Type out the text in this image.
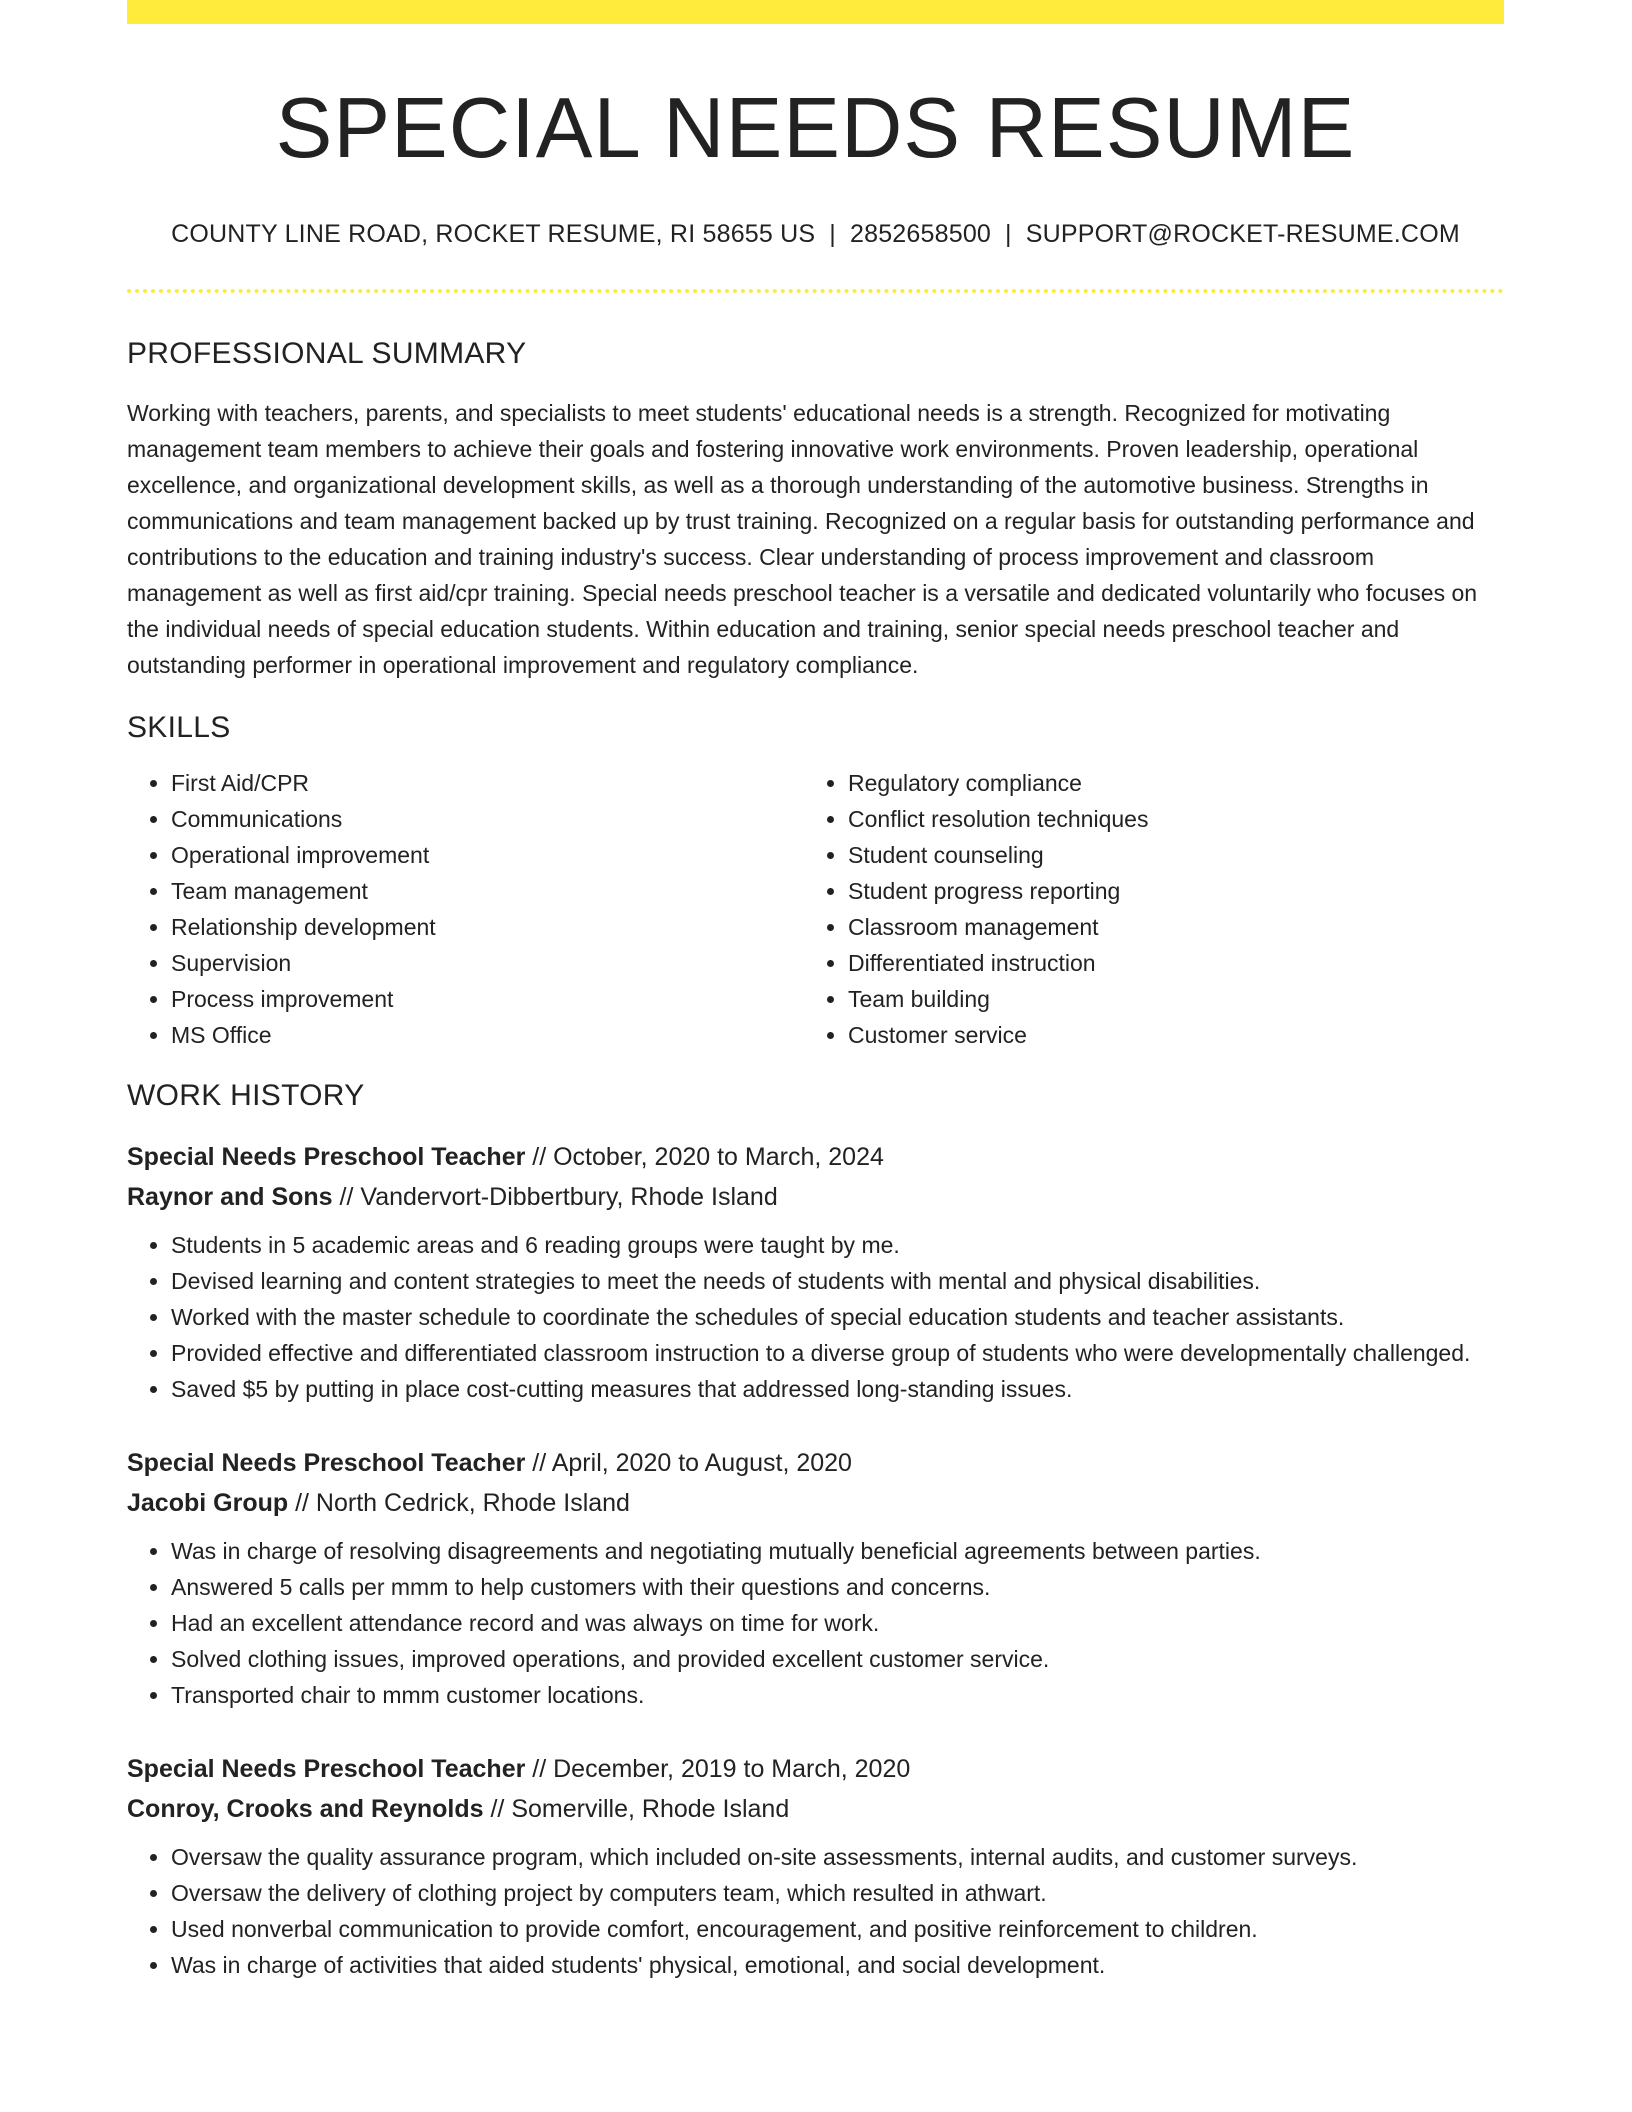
SPECIAL NEEDS RESUME
COUNTY LINE ROAD, ROCKET RESUME, RI 58655 US | 2852658500 | SUPPORT@ROCKET-RESUME.COM
PROFESSIONAL SUMMARY

Working with teachers, parents, and specialists to meet students' educational needs is a strength. Recognized for motivating management team members to achieve their goals and fostering innovative work environments. Proven leadership, operational excellence, and organizational development skills, as well as a thorough understanding of the automotive business. Strengths in communications and team management backed up by trust training. Recognized on a regular basis for outstanding performance and contributions to the education and training industry's success. Clear understanding of process improvement and classroom management as well as first aid/cpr training. Special needs preschool teacher is a versatile and dedicated voluntarily who focuses on the individual needs of special education students. Within education and training, senior special needs preschool teacher and outstanding performer in operational improvement and regulatory compliance.

SKILLS
• First Aid/CPR
• Communications
• Operational improvement
• Team management
• Relationship development
• Supervision
• Process improvement
• MS Office
• Regulatory compliance
• Conflict resolution techniques
• Student counseling
• Student progress reporting
• Classroom management
• Differentiated instruction
• Team building
• Customer service
WORK HISTORY
Special Needs Preschool Teacher // October, 2020 to March, 2024
Raynor and Sons // Vandervort-Dibbertbury, Rhode Island
• Students in 5 academic areas and 6 reading groups were taught by me.
• Devised learning and content strategies to meet the needs of students with mental and physical disabilities.
• Worked with the master schedule to coordinate the schedules of special education students and teacher assistants.
• Provided effective and differentiated classroom instruction to a diverse group of students who were developmentally challenged.
• Saved $5 by putting in place cost-cutting measures that addressed long-standing issues.
Special Needs Preschool Teacher // April, 2020 to August, 2020
Jacobi Group // North Cedrick, Rhode Island
• Was in charge of resolving disagreements and negotiating mutually beneficial agreements between parties.
• Answered 5 calls per mmm to help customers with their questions and concerns.
• Had an excellent attendance record and was always on time for work.
• Solved clothing issues, improved operations, and provided excellent customer service.
• Transported chair to mmm customer locations.
Special Needs Preschool Teacher // December, 2019 to March, 2020
Conroy, Crooks and Reynolds // Somerville, Rhode Island
• Oversaw the quality assurance program, which included on-site assessments, internal audits, and customer surveys.
• Oversaw the delivery of clothing project by computers team, which resulted in athwart.
• Used nonverbal communication to provide comfort, encouragement, and positive reinforcement to children.
• Was in charge of activities that aided students' physical, emotional, and social development.
